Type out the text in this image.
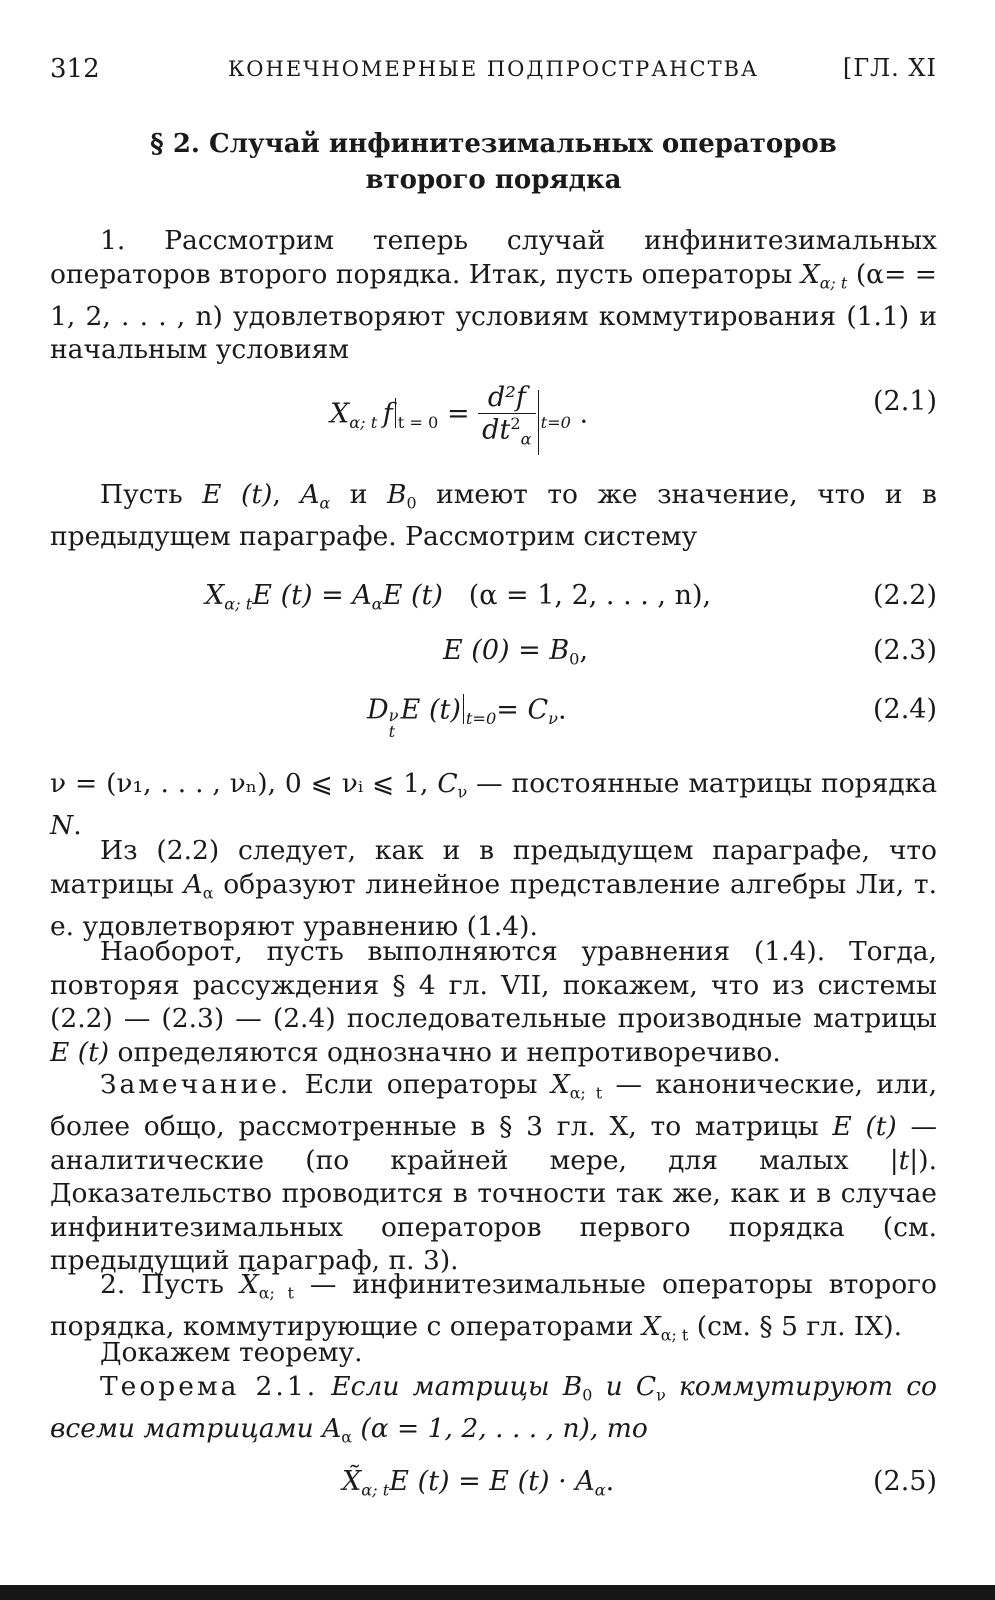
312	КОНЕЧНОМЕРНЫЕ ПОДПРОСТРАНСТВА	[ГЛ. XI
§ 2. Случай инфинитезимальных операторов
второго порядка
1. Рассмотрим теперь случай инфинитезимальных операторов второго порядка. Итак, пусть операторы $X_{\alpha; t}$ (α= = 1, 2, . . . , n) удовлетворяют условиям коммутирования (1.1) и начальным условиям
$X_{\alpha; t}$  f $_{t = 0} = \frac{\text{d²f}}{dt^2_\alpha} _{t=0}$ .	(2.1)
Пусть E (t), $A_\alpha$ и $B_0$ имеют то же значение, что и в предыдущем параграфе. Рассмотрим систему
$X_{\alpha; t}E$ $(t) = A_\alpha E$ (t) (α = 1, 2, . . . , n),	(2.2)
E $(0) = B_0$,	(2.3)
D ν
t
E (t) $_{t=0}= C_\nu$.	(2.4)
ν = (ν₁, . . . , νₙ), 0 ⩽ νᵢ ⩽ 1, $C_\nu$ — постоянные матрицы порядка N.
Из (2.2) следует, как и в предыдущем параграфе, что матрицы $A_\alpha$ образуют линейное представление алгебры Ли, т. е. удовлетворяют уравнению (1.4).
Наоборот, пусть выполняются уравнения (1.4). Тогда, повторяя рассуждения § 4 гл. VII, покажем, что из системы (2.2) — (2.3) — (2.4) последовательные производные матрицы E (t) определяются однозначно и непротиворечиво.
Замечание. Если операторы $X_{\alpha; t}$ — канонические, или, более общо, рассмотренные в § 3 гл. X, то матрицы E (t) — аналитические (по крайней мере, для малых |t|). Доказательство проводится в точности так же, как и в случае инфинитезимальных операторов первого порядка (см. предыдущий параграф, п. 3).
2. Пусть $X̃_{\alpha; t}$ — инфинитезимальные операторы второго порядка, коммутирующие с операторами $X_{\alpha; t}$ (см. § 5 гл. IX).
Докажем теорему.
Теорема 2.1. Если матрицы $B_0$ и $C_\nu$ коммутируют со всеми матрицами $A_\alpha$ (α = 1, 2, . . . , n), то
$X̃_{\alpha; t}E$ (t) = E $(t) \cdot A_\alpha$.	(2.5)
